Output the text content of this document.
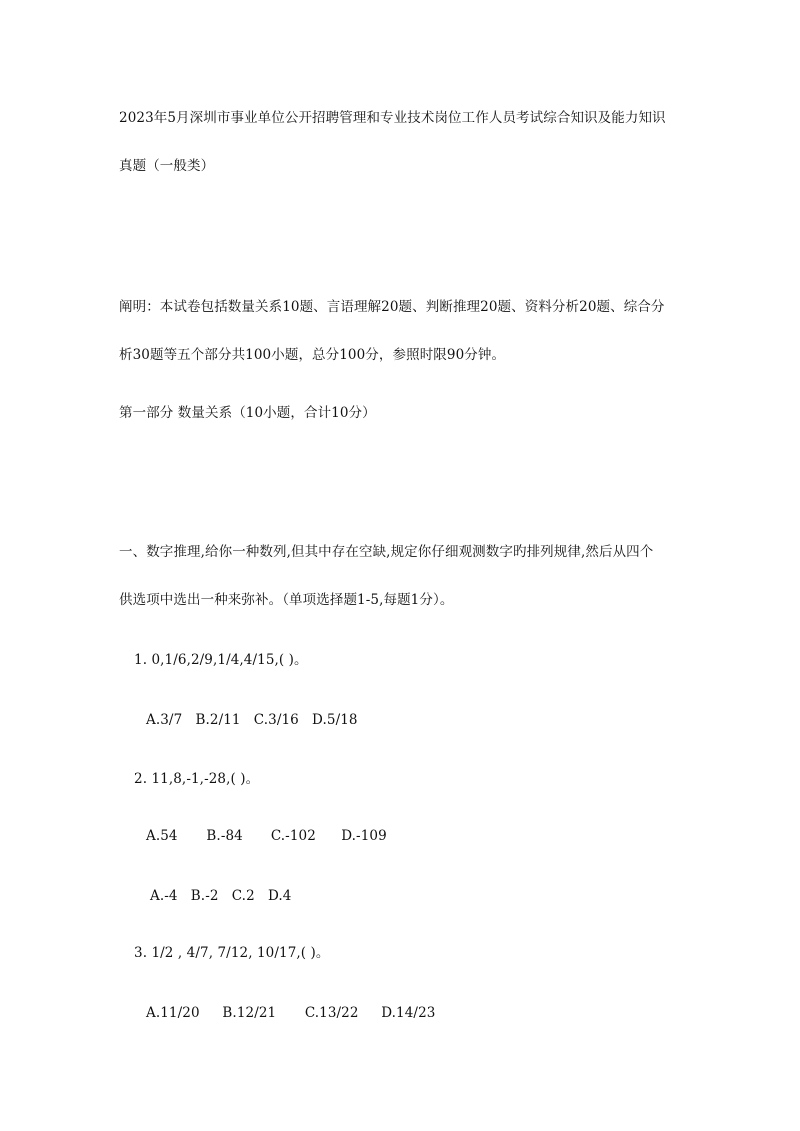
2023年5月深圳市事业单位公开招聘管理和专业技术岗位工作人员考试综合知识及能力知识
真题（一般类）
阐明：本试卷包括数量关系10题、言语理解20题、判断推理20题、资料分析20题、综合分
析30题等五个部分共100小题，总分100分，参照时限90分钟。
第一部分 数量关系（10小题，合计10分）
一、数字推理,给你一种数列,但其中存在空缺,规定你仔细观测数字旳排列规律,然后从四个
供选项中选出一种来弥补。（单项选择题1-5,每题1分）。
1. 0,1/6,2/9,1/4,4/15,( )。
A.3/7 B.2/11 C.3/16 D.5/18
2. 11,8,-1,-28,( )。
A.54 B.-84 C.-102 D.-109
A.-4 B.-2 C.2 D.4
3. 1/2 , 4/7, 7/12, 10/17,( )。
A.11/20 B.12/21 C.13/22 D.14/23
